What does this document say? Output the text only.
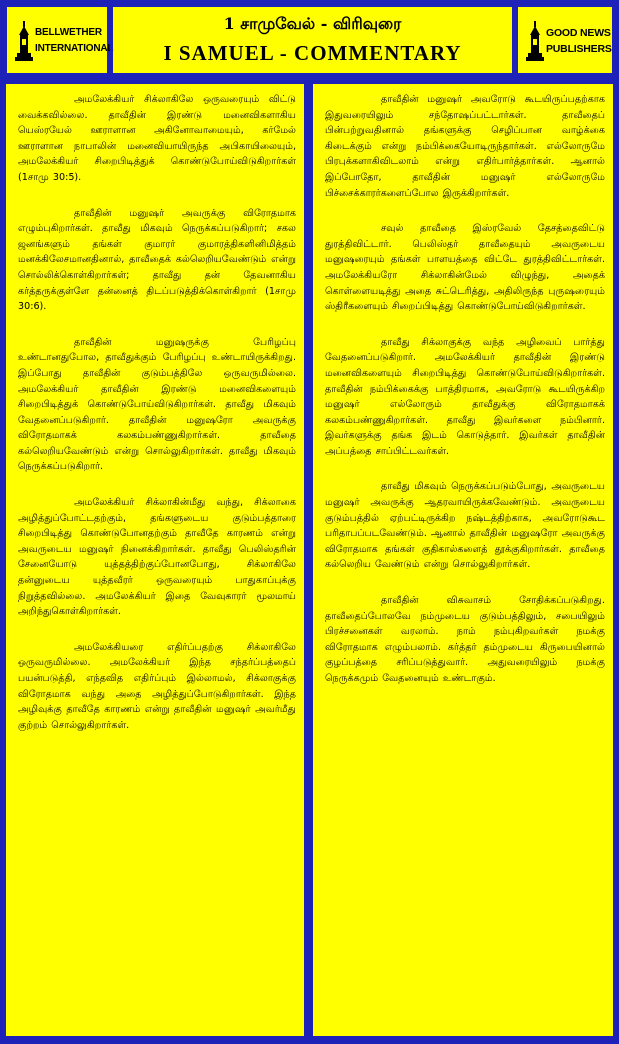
BELLWETHER
INTERNATIONAL
1 சாமுவேல் - விரிவுரை
I SAMUEL - COMMENTARY
GOOD NEWS
PUBLISHERS

அமலேக்கியர் சிக்லாகிலே ஒருவரையும் விட்டு வைக்கவில்லை. தாவீதின் இரண்டு மனைவிகளாகிய யெஸ்ரயேல் ஊராளான அகினோவாமையும், கர்மேல் ஊராளான நாபாலின் மனைவியாயிருந்த அபிகாயிலையும், அமலேக்கியர் சிறைபிடித்துக் கொண்டுபோய்விடுகிறார்கள் (1சாமு 30:5).

தாவீதின் மனுஷர் அவருக்கு விரோதமாக எழும்புகிறார்கள். தாவீது மிகவும் நெருக்கப்படுகிறார்; சகல ஜனங்களும் தங்கள் குமாரர் குமாரத்திகளினிமித்தம் மனக்கிலேசமானதினால், தாவீதைக் கல்லெறியவேண்டும் என்று சொல்லிக்கொள்கிறார்கள்; தாவீது தன் தேவனாகிய கர்த்தருக்குள்ளே தன்னைத் திடப்படுத்திக்கொள்கிறார் (1சாமு 30:6).

தாவீதின் மனுஷருக்கு பேரிழப்பு உண்டானதுபோல, தாவீதுக்கும் பேரிழப்பு உண்டாயிருக்கிறது. இப்போது தாவீதின் குடும்பத்திலே ஒருவருமில்லை. அமலேக்கியர் தாவீதின் இரண்டு மனைவிகளையும் சிறைபிடித்துக் கொண்டுபோய்விடுகிறார்கள். தாவீது மிகவும் வேதனைப்படுகிறார். தாவீதின் மனுஷரோ அவருக்கு விரோதமாகக் கலகம்பண்ணுகிறார்கள். தாவீதை கல்லெறியவேண்டும் என்று சொல்லுகிறார்கள். தாவீது மிகவும் நெருக்கப்படுகிறார்.

அமலேக்கியர் சிக்லாகின்மீது வந்து, சிக்லாகை அழித்துப்போட்டதற்கும், தங்களுடைய குடும்பத்தாரை சிறைபிடித்து கொண்டுபோனதற்கும் தாவீதே காரணம் என்று அவருடைய மனுஷர் நினைக்கிறார்கள். தாவீது பெலிஸ்தரின் சேனையோடு யுத்தத்திற்குப்போனபோது, சிக்லாகிலே தன்னுடைய யுத்தவீரர் ஒருவரையும் பாதுகாப்புக்கு நிறுத்தவில்லை. அமலேக்கியர் இதை வேவுகாரர் மூலமாய் அறிந்துகொள்கிறார்கள்.

அமலேக்கியரை எதிர்ப்பதற்கு சிக்லாகிலே ஒருவருமில்லை. அமலேக்கியர் இந்த சந்தர்ப்பத்தைப் பயன்படுத்தி, எந்தவித எதிர்ப்பும் இல்லாமல், சிக்லாகுக்கு விரோதமாக வந்து அதை அழித்துப்போடுகிறார்கள். இந்த அழிவுக்கு தாவீதே காரணம் என்று தாவீதின் மனுஷர் அவர்மீது குற்றம் சொல்லுகிறார்கள்.

தாவீதின் மனுஷர் அவரோடு கூடயிருப்பதற்காக இதுவரையிலும் சந்தோஷப்பட்டார்கள். தாவீதைப் பின்பற்றுவதினால் தங்களுக்கு செழிப்பான வாழ்க்கை கிடைக்கும் என்று நம்பிக்கையோடிருந்தார்கள். எல்லோருமே பிரபுக்களாகிவிடலாம் என்று எதிர்பார்த்தார்கள். ஆனால் இப்போதோ, தாவீதின் மனுஷர் எல்லோருமே பிச்சைக்காரர்களைப்போல இருக்கிறார்கள்.

சவுல் தாவீதை இஸ்ரவேல் தேசத்தைவிட்டு துரத்திவிட்டார். பெலிஸ்தர் தாவீதையும் அவருடைய மனுஷரையும் தங்கள் பாளயத்தை விட்டே துரத்திவிட்டார்கள். அமலேக்கியரோ சிக்லாகின்மேல் விழுந்து, அதைக் கொள்ளையடித்து அதை சுட்டெரித்து, அதிலிருந்த புருஷரையும் ஸ்திரீகளையும் சிறைப்பிடித்து கொண்டுபோய்விடுகிறார்கள்.

தாவீது சிக்லாகுக்கு வந்த அழிவைப் பார்த்து வேதனைப்படுகிறார். அமலேக்கியர் தாவீதின் இரண்டு மனைவிகளையும் சிறைபிடித்து கொண்டுபோய்விடுகிறார்கள். தாவீதின் நம்பிக்கைக்கு பாத்திரமாக, அவரோடு கூடயிருக்கிற மனுஷர் எல்லோரும் தாவீதுக்கு விரோதமாகக் கலகம்பண்ணுகிறார்கள். தாவீது இவர்களை நம்பினார். இவர்களுக்கு தங்க இடம் கொடுத்தார். இவர்கள் தாவீதின் அப்பத்தை சாப்பிட்டவர்கள்.

தாவீது மிகவும் நெருக்கப்படும்போது, அவருடைய மனுஷர் அவருக்கு ஆதரவாயிருக்கவேண்டும். அவருடைய குடும்பத்தில் ஏற்பட்டிருக்கிற நஷ்டத்திற்காக, அவரோடுகூட பரிதாபப்படவேண்டும். ஆனால் தாவீதின் மனுஷரோ அவருக்கு விரோதமாக தங்கள் குதிகால்களைத் தூக்குகிறார்கள். தாவீதை கல்லெறிய வேண்டும் என்று சொல்லுகிறார்கள்.

தாவீதின் விசுவாசம் சோதிக்கப்படுகிறது. தாவீதைப்போலவே நம்முடைய குடும்பத்திலும், சபையிலும் பிரச்சனைகள் வரலாம். நாம் நம்புகிறவர்கள் நமக்கு விரோதமாக எழும்பலாம். கர்த்தர் தம்முடைய கிருபையினால் குழப்பத்தை சரிப்படுத்துவார். அதுவரையிலும் நமக்கு நெருக்கமும் வேதனையும் உண்டாகும்.
